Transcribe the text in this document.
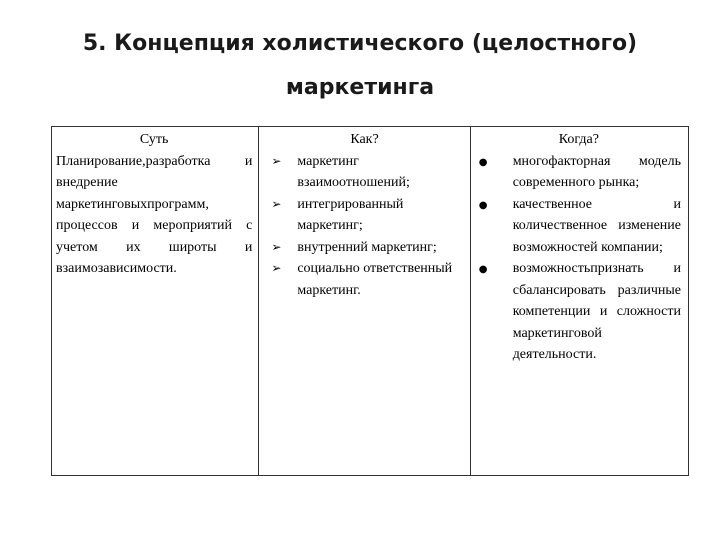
5. Концепция холистического (целостного)
маркетинга
Суть
Планирование,разработка и внедрение маркетинговыхпрограмм, процессов и мероприятий с учетом их широты и взаимозависимости.
Как?
➢ маркетинг взаимоотношений;
➢ интегрированный маркетинг;
➢ внутренний маркетинг;
➢ социально ответственный маркетинг.
Когда?
● многофакторная модель современного рынка;
● качественное и количественное изменение возможностей компании;
● возможностьпризнать и сбалансировать различные компетенции и сложности маркетинговой деятельности.
